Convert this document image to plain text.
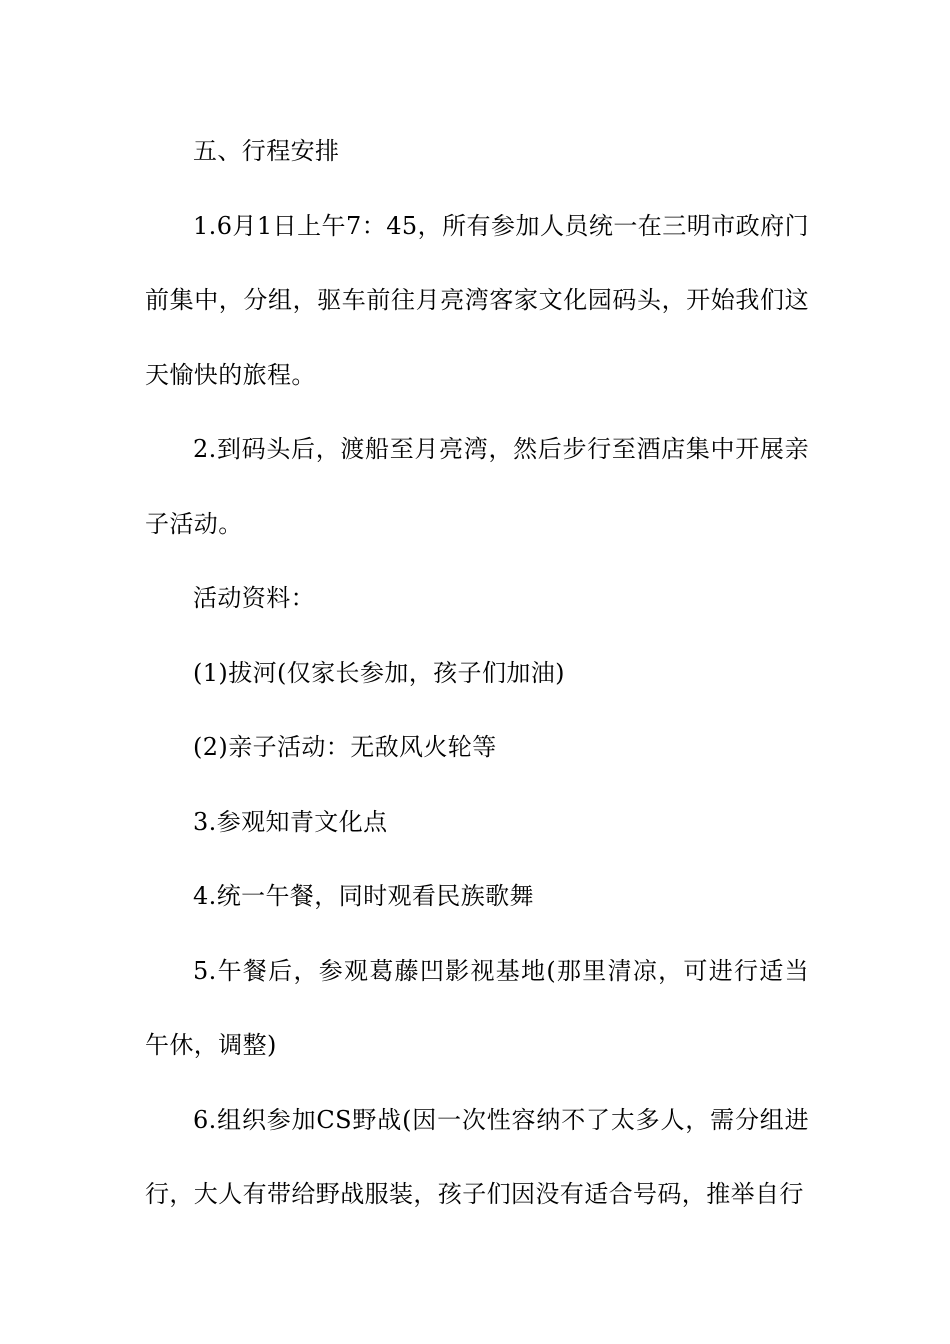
五、行程安排

1.6月1日上午7：45，所有参加人员统一在三明市政府门前集中，分组，驱车前往月亮湾客家文化园码头，开始我们这天愉快的旅程。

2.到码头后，渡船至月亮湾，然后步行至酒店集中开展亲子活动。

活动资料：

(1)拔河(仅家长参加，孩子们加油)

(2)亲子活动：无敌风火轮等

3.参观知青文化点

4.统一午餐，同时观看民族歌舞

5.午餐后，参观葛藤凹影视基地(那里清凉，可进行适当午休，调整)

6.组织参加CS野战(因一次性容纳不了太多人，需分组进行，大人有带给野战服装，孩子们因没有适合号码，推举自行
